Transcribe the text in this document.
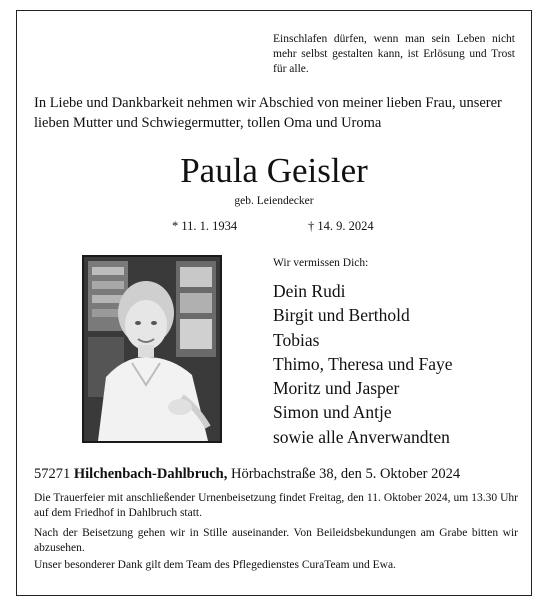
Einschlafen dürfen, wenn man sein Leben nicht mehr selbst gestalten kann, ist Erlösung und Trost für alle.
In Liebe und Dankbarkeit nehmen wir Abschied von meiner lieben Frau, unserer lieben Mutter und Schwiegermutter, tollen Oma und Uroma
Paula Geisler
geb. Leiendecker
* 11. 1. 1934	† 14. 9. 2024
Wir vermissen Dich:
Dein Rudi
Birgit und Berthold
Tobias
Thimo, Theresa und Faye
Moritz und Jasper
Simon und Antje
sowie alle Anverwandten
57271 Hilchenbach-Dahlbruch, Hörbachstraße 38, den 5. Oktober 2024
Die Trauerfeier mit anschließender Urnenbeisetzung findet Freitag, den 11. Oktober 2024, um 13.30 Uhr auf dem Friedhof in Dahlbruch statt.
Nach der Beisetzung gehen wir in Stille auseinander. Von Beileidsbekundungen am Grabe bitten wir abzusehen.
Unser besonderer Dank gilt dem Team des Pflegedienstes CuraTeam und Ewa.
